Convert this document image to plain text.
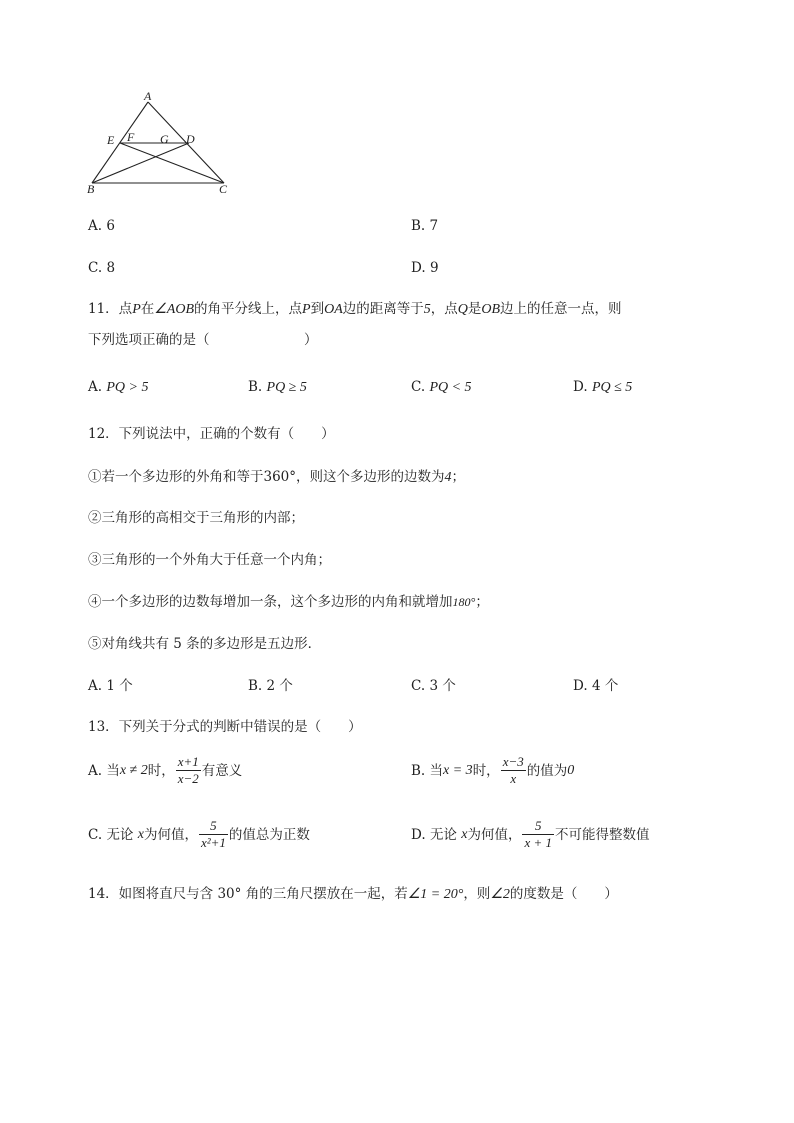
A
E F G D
B	C
A. 6	B. 7
C. 8	D. 9
11．点P在∠AOB的角平分线上，点P到OA边的距离等于5，点Q是OB边上的任意一点，则
下列选项正确的是（　　　　　　　）
A. PQ > 5	B. PQ ≥ 5	C. PQ < 5	D. PQ ≤ 5
12．下列说法中，正确的个数有（　　）
①若一个多边形的外角和等于360°，则这个多边形的边数为4；
②三角形的高相交于三角形的内部；
③三角形的一个外角大于任意一个内角；
④一个多边形的边数每增加一条，这个多边形的内角和就增加180°；
⑤对角线共有 5 条的多边形是五边形．
A. 1 个	B. 2 个	C. 3 个	D. 4 个
13．下列关于分式的判断中错误的是（　　）
A. 当x ≠ 2时， $\frac{x+1}{x-2}$ 有意义	B. 当x = 3时， $\frac{x-3}{x}$ 的值为0
C. 无论 x为何值， $\frac{5}{\text{x²+1}}$ 的值总为正数	D. 无论 x为何值， $\frac{5}{x + 1}$ 不可能得整数值
14．如图将直尺与含 30° 角的三角尺摆放在一起，若∠1 = 20°，则∠2的度数是（　　）
